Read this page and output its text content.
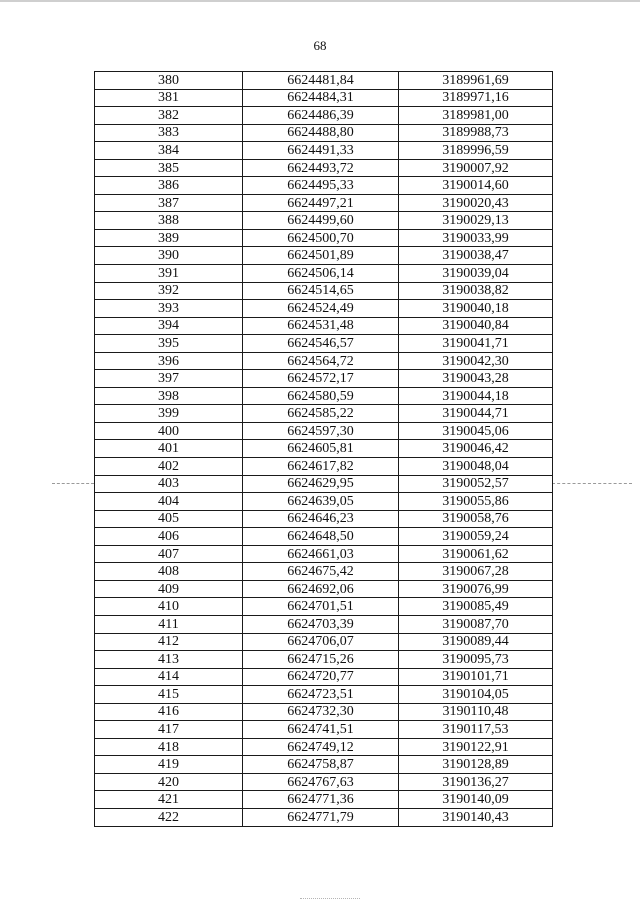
68
380	6624481,84	3189961,69
381	6624484,31	3189971,16
382	6624486,39	3189981,00
383	6624488,80	3189988,73
384	6624491,33	3189996,59
385	6624493,72	3190007,92
386	6624495,33	3190014,60
387	6624497,21	3190020,43
388	6624499,60	3190029,13
389	6624500,70	3190033,99
390	6624501,89	3190038,47
391	6624506,14	3190039,04
392	6624514,65	3190038,82
393	6624524,49	3190040,18
394	6624531,48	3190040,84
395	6624546,57	3190041,71
396	6624564,72	3190042,30
397	6624572,17	3190043,28
398	6624580,59	3190044,18
399	6624585,22	3190044,71
400	6624597,30	3190045,06
401	6624605,81	3190046,42
402	6624617,82	3190048,04
403	6624629,95	3190052,57
404	6624639,05	3190055,86
405	6624646,23	3190058,76
406	6624648,50	3190059,24
407	6624661,03	3190061,62
408	6624675,42	3190067,28
409	6624692,06	3190076,99
410	6624701,51	3190085,49
411	6624703,39	3190087,70
412	6624706,07	3190089,44
413	6624715,26	3190095,73
414	6624720,77	3190101,71
415	6624723,51	3190104,05
416	6624732,30	3190110,48
417	6624741,51	3190117,53
418	6624749,12	3190122,91
419	6624758,87	3190128,89
420	6624767,63	3190136,27
421	6624771,36	3190140,09
422	6624771,79	3190140,43
